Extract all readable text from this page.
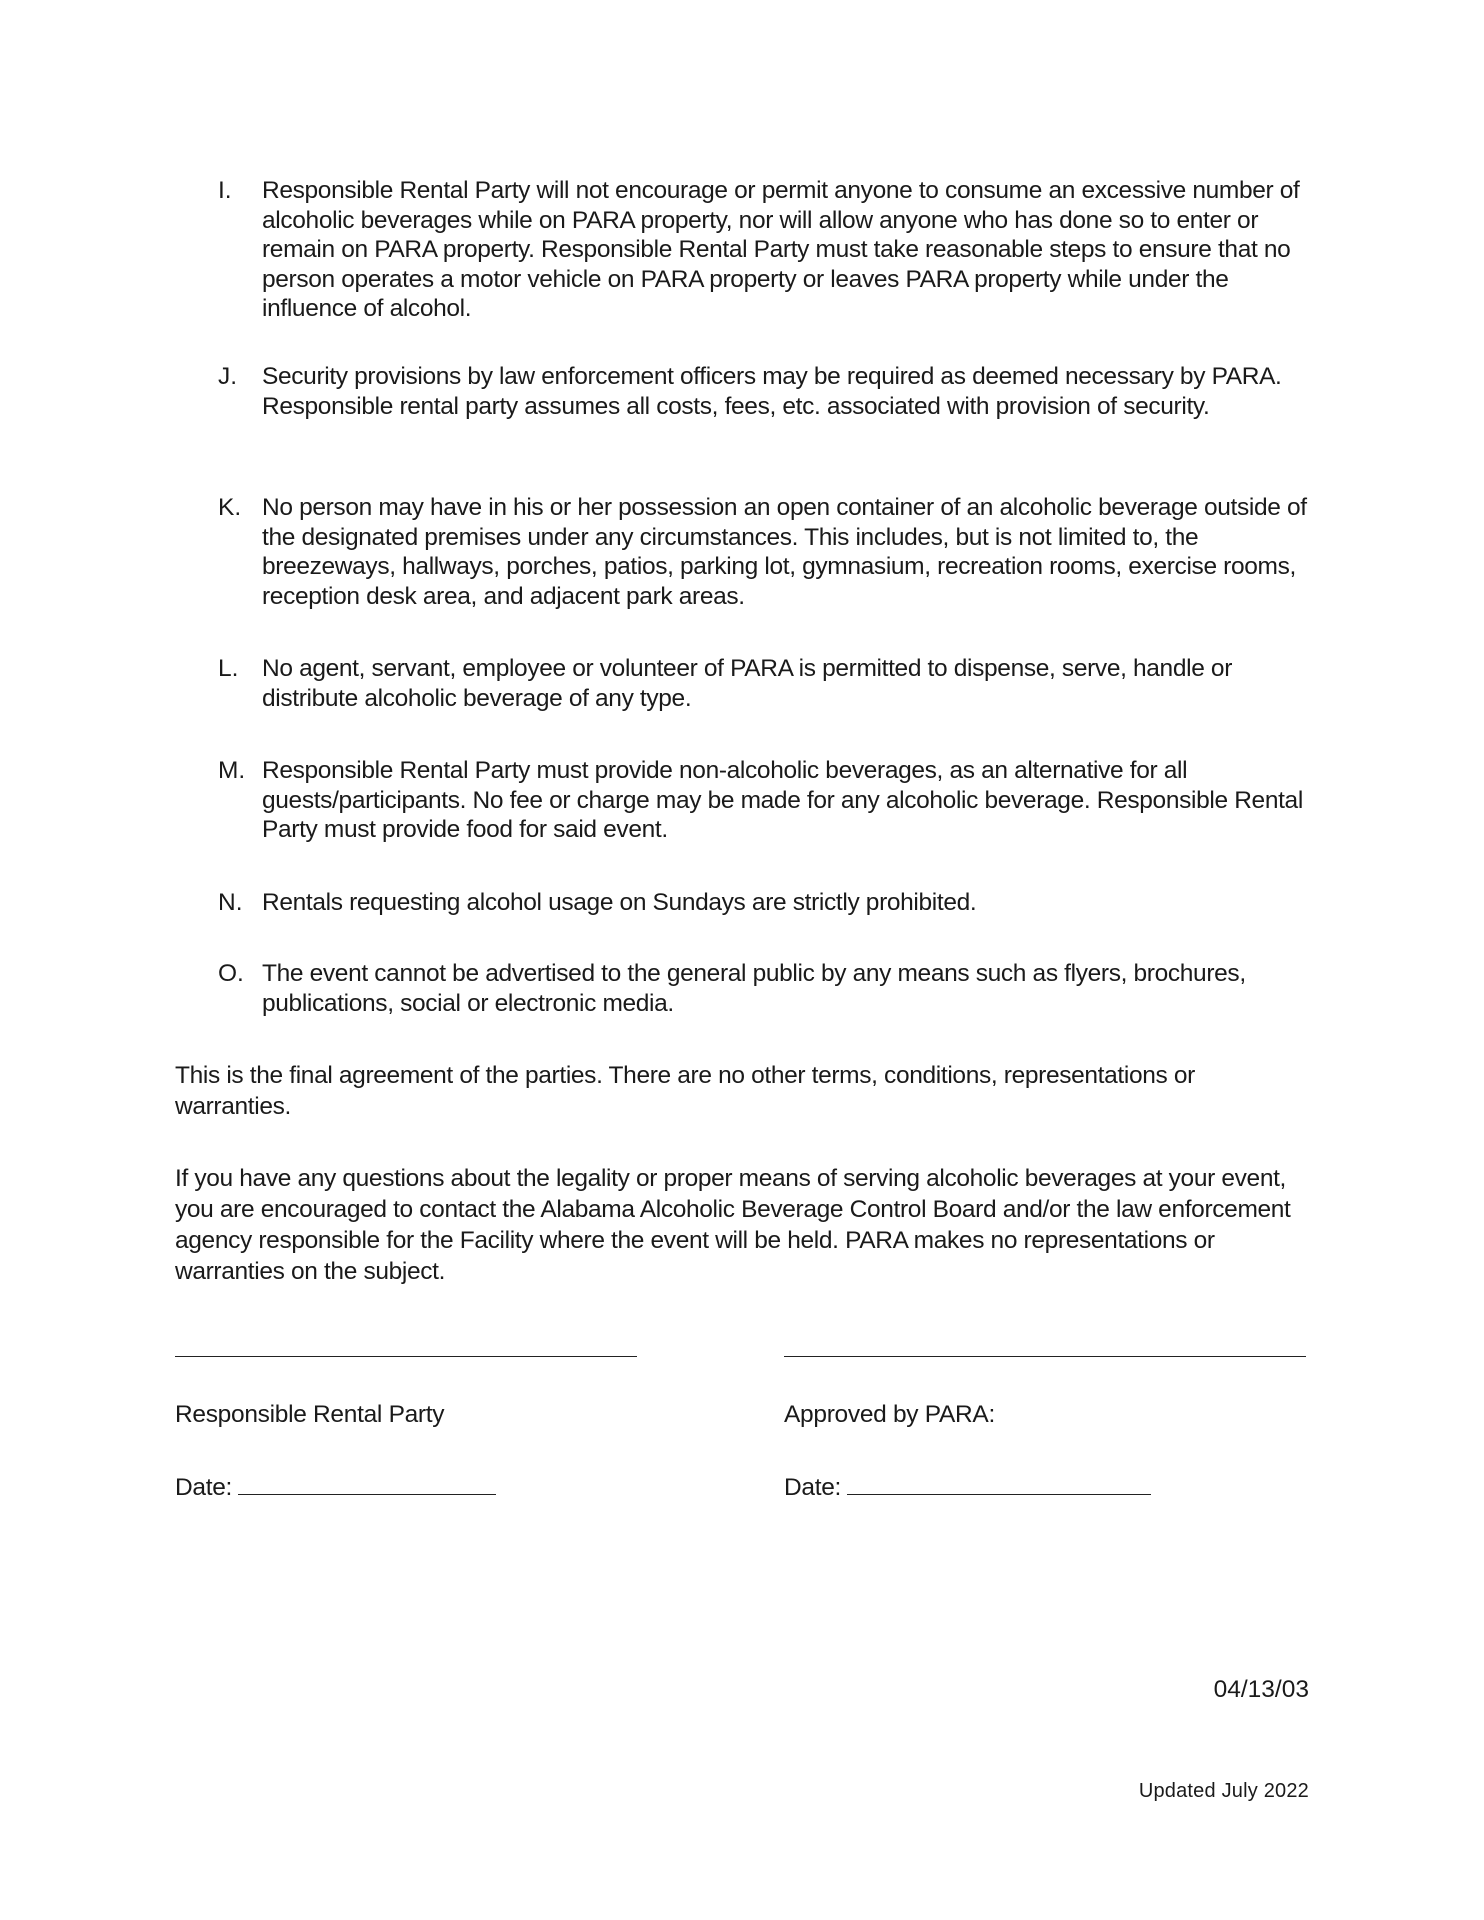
I.	Responsible Rental Party will not encourage or permit anyone to consume an excessive number of alcoholic beverages while on PARA property, nor will allow anyone who has done so to enter or remain on PARA property. Responsible Rental Party must take reasonable steps to ensure that no person operates a motor vehicle on PARA property or leaves PARA property while under the influence of alcohol.
J.	Security provisions by law enforcement officers may be required as deemed necessary by PARA. Responsible rental party assumes all costs, fees, etc. associated with provision of security.
K. No person may have in his or her possession an open container of an alcoholic beverage outside of the designated premises under any circumstances. This includes, but is not limited to, the breezeways, hallways, porches, patios, parking lot, gymnasium, recreation rooms, exercise rooms, reception desk area, and adjacent park areas.
L. No agent, servant, employee or volunteer of PARA is permitted to dispense, serve, handle or distribute alcoholic beverage of any type.
M. Responsible Rental Party must provide non-alcoholic beverages, as an alternative for all guests/participants. No fee or charge may be made for any alcoholic beverage. Responsible Rental Party must provide food for said event.
N. Rentals requesting alcohol usage on Sundays are strictly prohibited.
O. The event cannot be advertised to the general public by any means such as flyers, brochures, publications, social or electronic media.
This is the final agreement of the parties. There are no other terms, conditions, representations or warranties.
If you have any questions about the legality or proper means of serving alcoholic beverages at your event, you are encouraged to contact the Alabama Alcoholic Beverage Control Board and/or the law enforcement agency responsible for the Facility where the event will be held. PARA makes no representations or warranties on the subject.
Responsible Rental Party	Approved by PARA:
Date:	Date:
04/13/03
Updated July 2022
